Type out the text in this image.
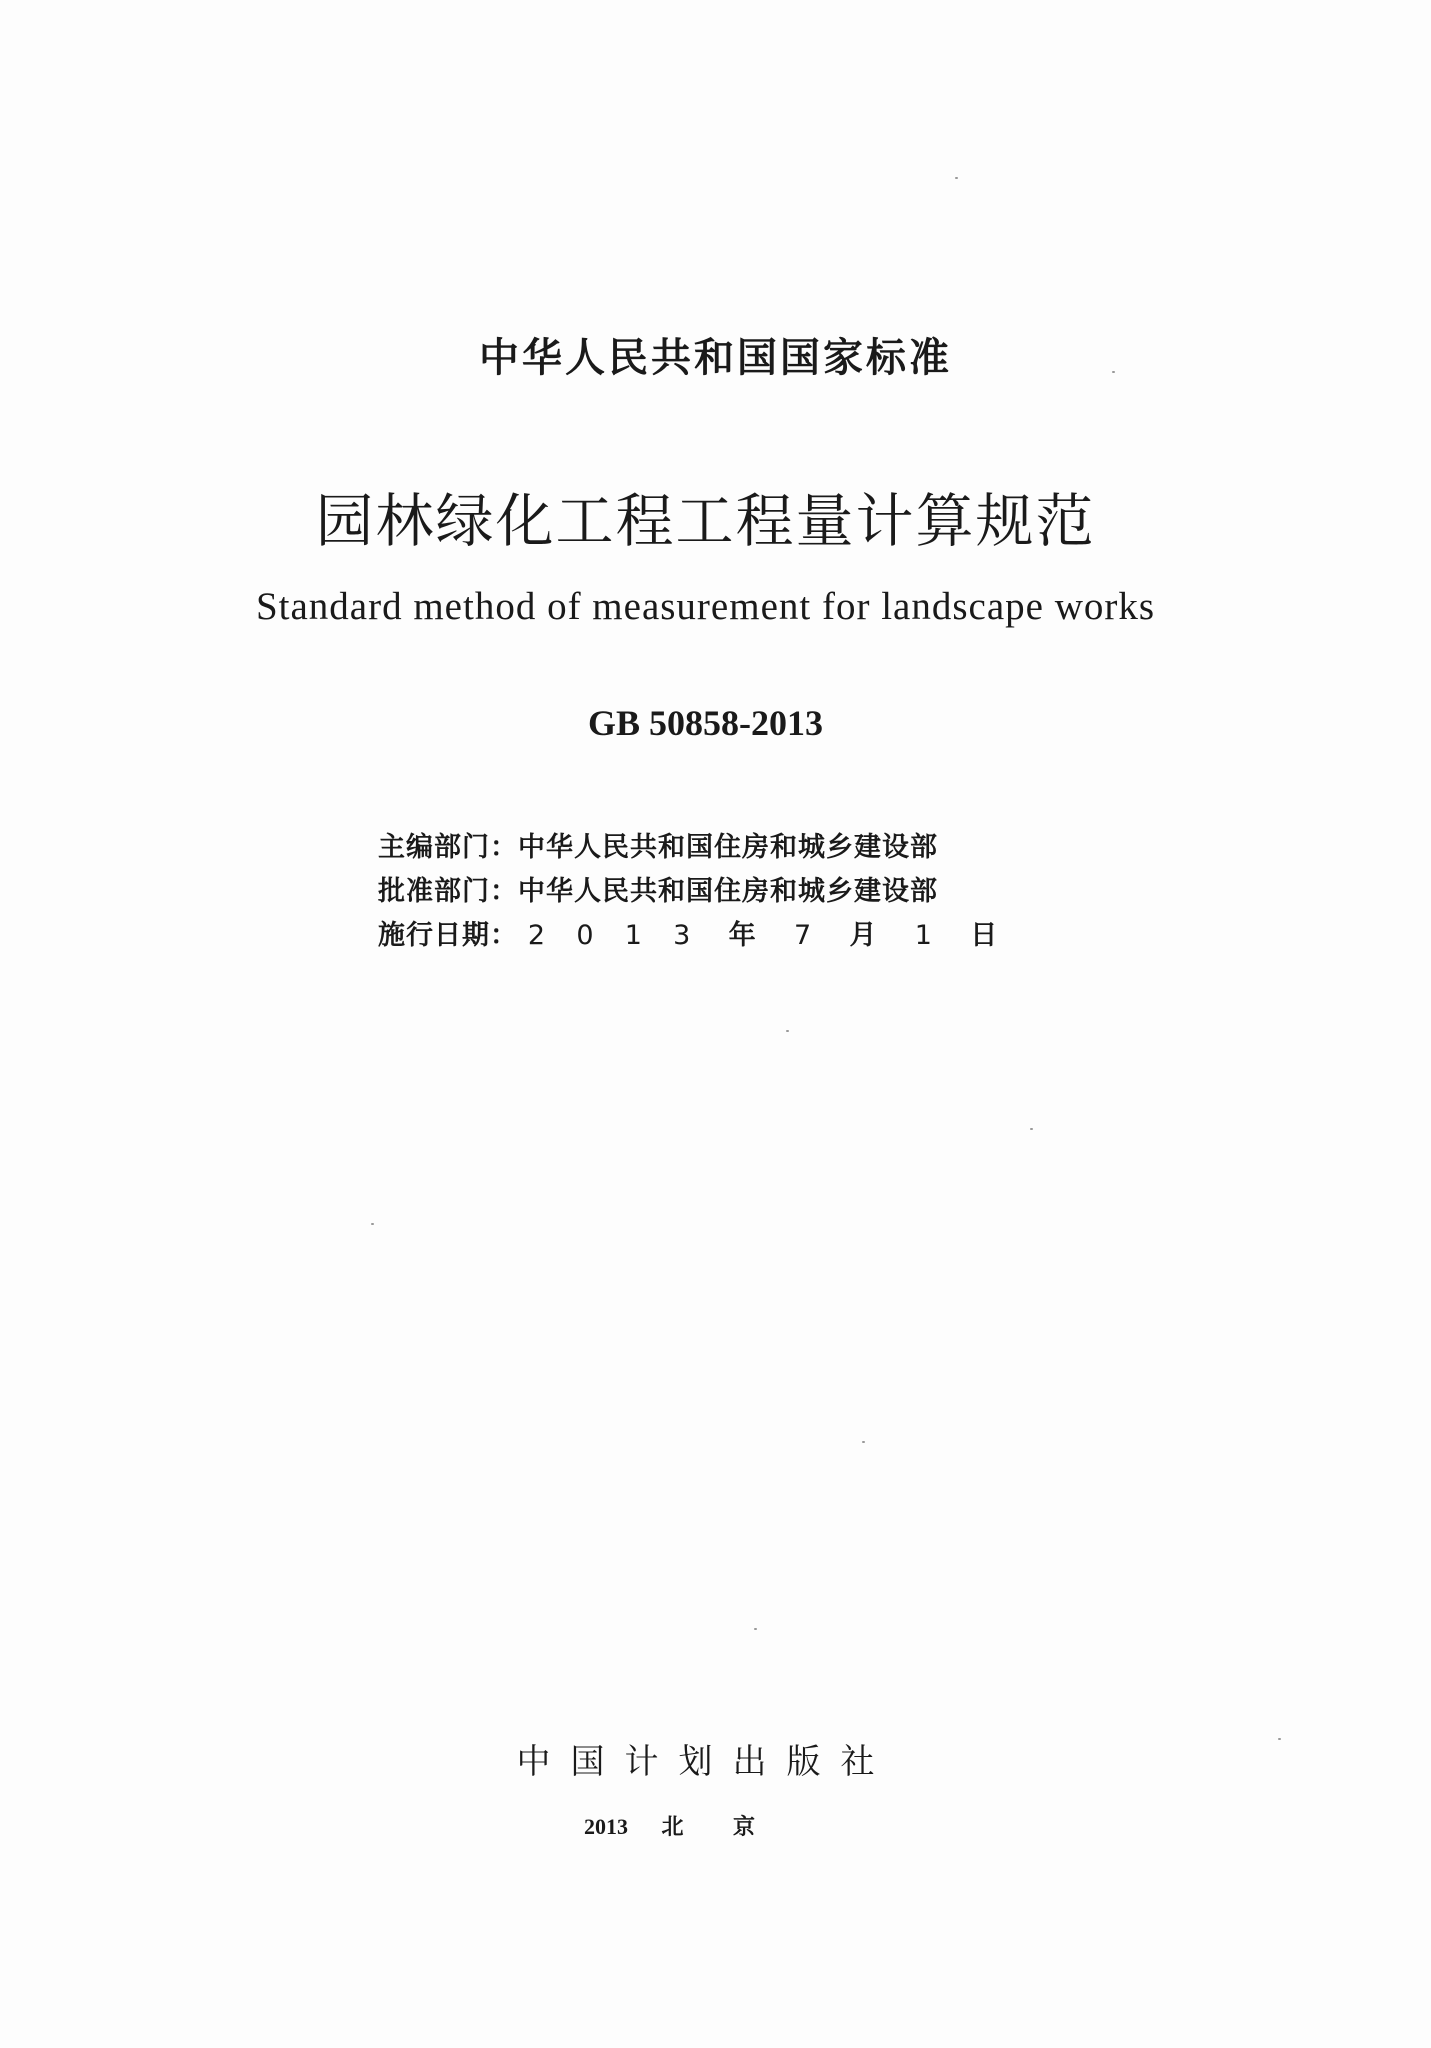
中华人民共和国国家标准
园林绿化工程工程量计算规范
Standard method of measurement for landscape works
GB 50858-2013
主编部门： 中华人民共和国住房和城乡建设部
批准部门： 中华人民共和国住房和城乡建设部
施行日期： 2 0 1 3 年 7 月 1 日
中国计划出版社
2013 北 京
